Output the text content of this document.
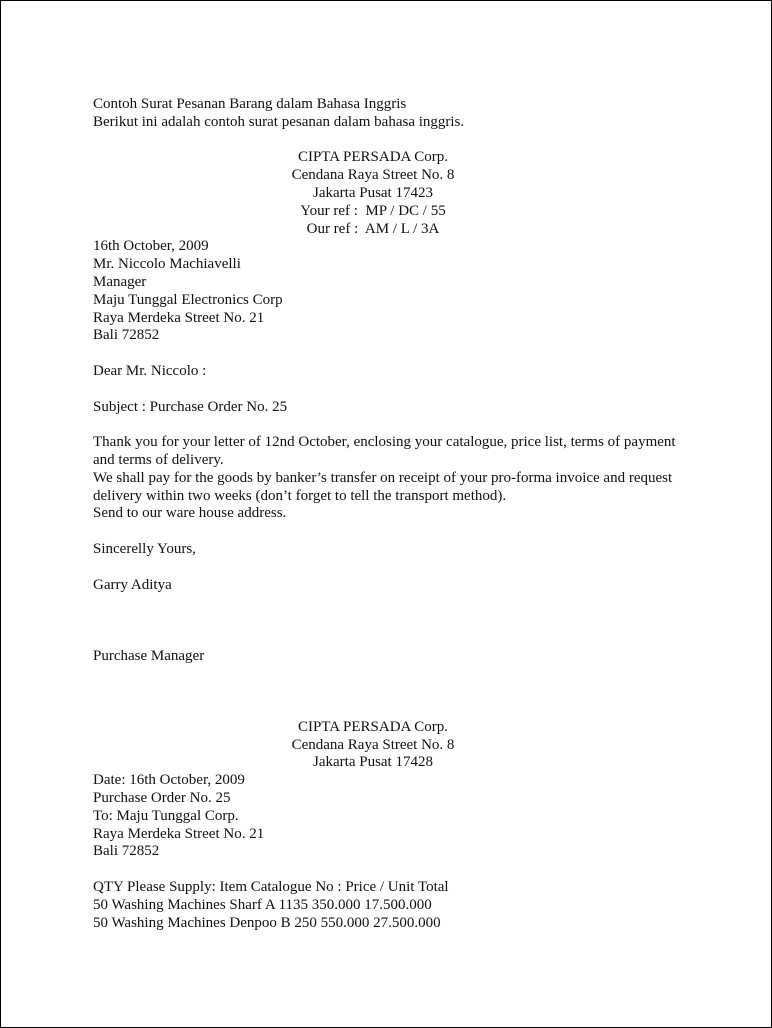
Contoh Surat Pesanan Barang dalam Bahasa Inggris
Berikut ini adalah contoh surat pesanan dalam bahasa inggris.
CIPTA PERSADA Corp.
Cendana Raya Street No. 8
Jakarta Pusat 17423
Your ref :  MP / DC / 55
Our ref :  AM / L / 3A
16th October, 2009
Mr. Niccolo Machiavelli
Manager
Maju Tunggal Electronics Corp
Raya Merdeka Street No. 21
Bali 72852
Dear Mr. Niccolo :
Subject : Purchase Order No. 25
Thank you for your letter of 12nd October, enclosing your catalogue, price list, terms of payment
and terms of delivery.
We shall pay for the goods by banker’s transfer on receipt of your pro-forma invoice and request
delivery within two weeks (don’t forget to tell the transport method).
Send to our ware house address.
Sincerelly Yours,
Garry Aditya
Purchase Manager
CIPTA PERSADA Corp.
Cendana Raya Street No. 8
Jakarta Pusat 17428
Date: 16th October, 2009
Purchase Order No. 25
To: Maju Tunggal Corp.
Raya Merdeka Street No. 21
Bali 72852
QTY Please Supply: Item Catalogue No : Price / Unit Total
50 Washing Machines Sharf A 1135 350.000 17.500.000
50 Washing Machines Denpoo B 250 550.000 27.500.000
